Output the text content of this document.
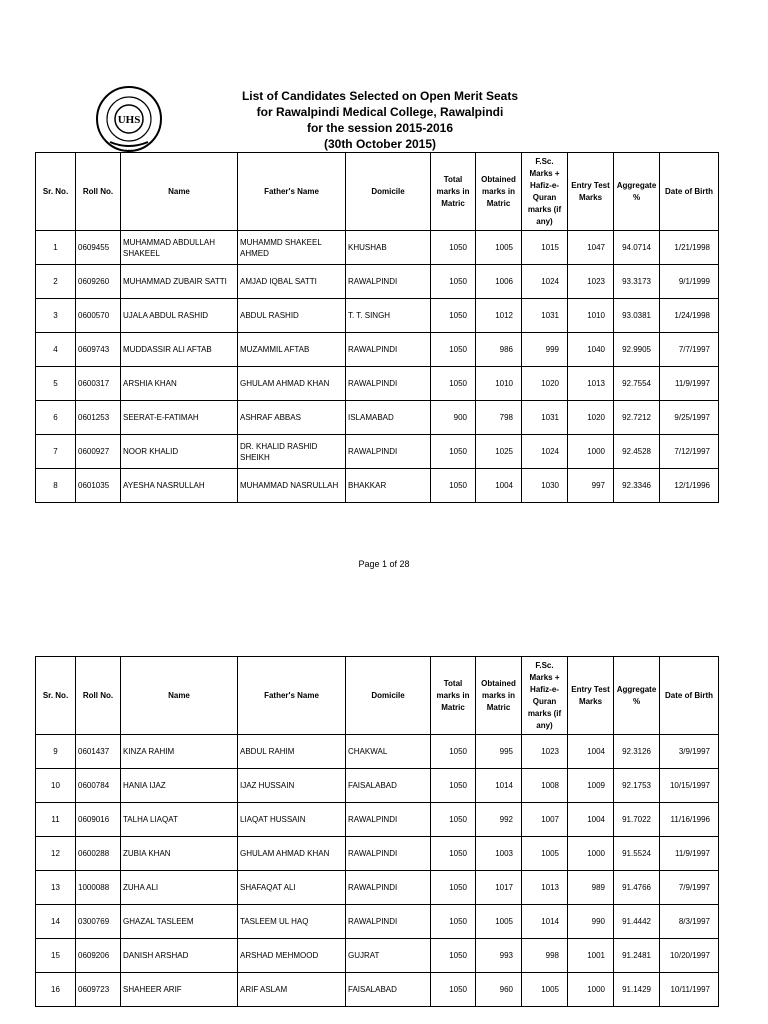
UHS
• • •
List of Candidates Selected on Open Merit Seats
for Rawalpindi Medical College, Rawalpindi
for the session 2015-2016
(30th October 2015)
Sr. No.	Roll No.	Name	Father's Name	Domicile	Total marks in Matric	Obtained marks in Matric	F.Sc. Marks + Hafiz-e-Quran marks (if any)	Entry Test Marks	Aggregate %	Date of Birth
1	0609455	MUHAMMAD ABDULLAH SHAKEEL	MUHAMMD SHAKEEL AHMED	KHUSHAB	1050	1005	1015	1047	94.0714	1/21/1998
2	0609260	MUHAMMAD ZUBAIR SATTI	AMJAD IQBAL SATTI	RAWALPINDI	1050	1006	1024	1023	93.3173	9/1/1999
3	0600570	UJALA ABDUL RASHID	ABDUL RASHID	T. T. SINGH	1050	1012	1031	1010	93.0381	1/24/1998
4	0609743	MUDDASSIR ALI AFTAB	MUZAMMIL AFTAB	RAWALPINDI	1050	986	999	1040	92.9905	7/7/1997
5	0600317	ARSHIA KHAN	GHULAM AHMAD KHAN	RAWALPINDI	1050	1010	1020	1013	92.7554	11/9/1997
6	0601253	SEERAT-E-FATIMAH	ASHRAF ABBAS	ISLAMABAD	900	798	1031	1020	92.7212	9/25/1997
7	0600927	NOOR KHALID	DR. KHALID RASHID SHEIKH	RAWALPINDI	1050	1025	1024	1000	92.4528	7/12/1997
8	0601035	AYESHA NASRULLAH	MUHAMMAD NASRULLAH	BHAKKAR	1050	1004	1030	997	92.3346	12/1/1996
Page 1 of 28
Sr. No.	Roll No.	Name	Father's Name	Domicile	Total marks in Matric	Obtained marks in Matric	F.Sc. Marks + Hafiz-e-Quran marks (if any)	Entry Test Marks	Aggregate %	Date of Birth
9	0601437	KINZA RAHIM	ABDUL RAHIM	CHAKWAL	1050	995	1023	1004	92.3126	3/9/1997
10	0600784	HANIA IJAZ	IJAZ HUSSAIN	FAISALABAD	1050	1014	1008	1009	92.1753	10/15/1997
11	0609016	TALHA LIAQAT	LIAQAT HUSSAIN	RAWALPINDI	1050	992	1007	1004	91.7022	11/16/1996
12	0600288	ZUBIA KHAN	GHULAM AHMAD KHAN	RAWALPINDI	1050	1003	1005	1000	91.5524	11/9/1997
13	1000088	ZUHA ALI	SHAFAQAT ALI	RAWALPINDI	1050	1017	1013	989	91.4766	7/9/1997
14	0300769	GHAZAL TASLEEM	TASLEEM UL HAQ	RAWALPINDI	1050	1005	1014	990	91.4442	8/3/1997
15	0609206	DANISH ARSHAD	ARSHAD MEHMOOD	GUJRAT	1050	993	998	1001	91.2481	10/20/1997
16	0609723	SHAHEER ARIF	ARIF ASLAM	FAISALABAD	1050	960	1005	1000	91.1429	10/11/1997
